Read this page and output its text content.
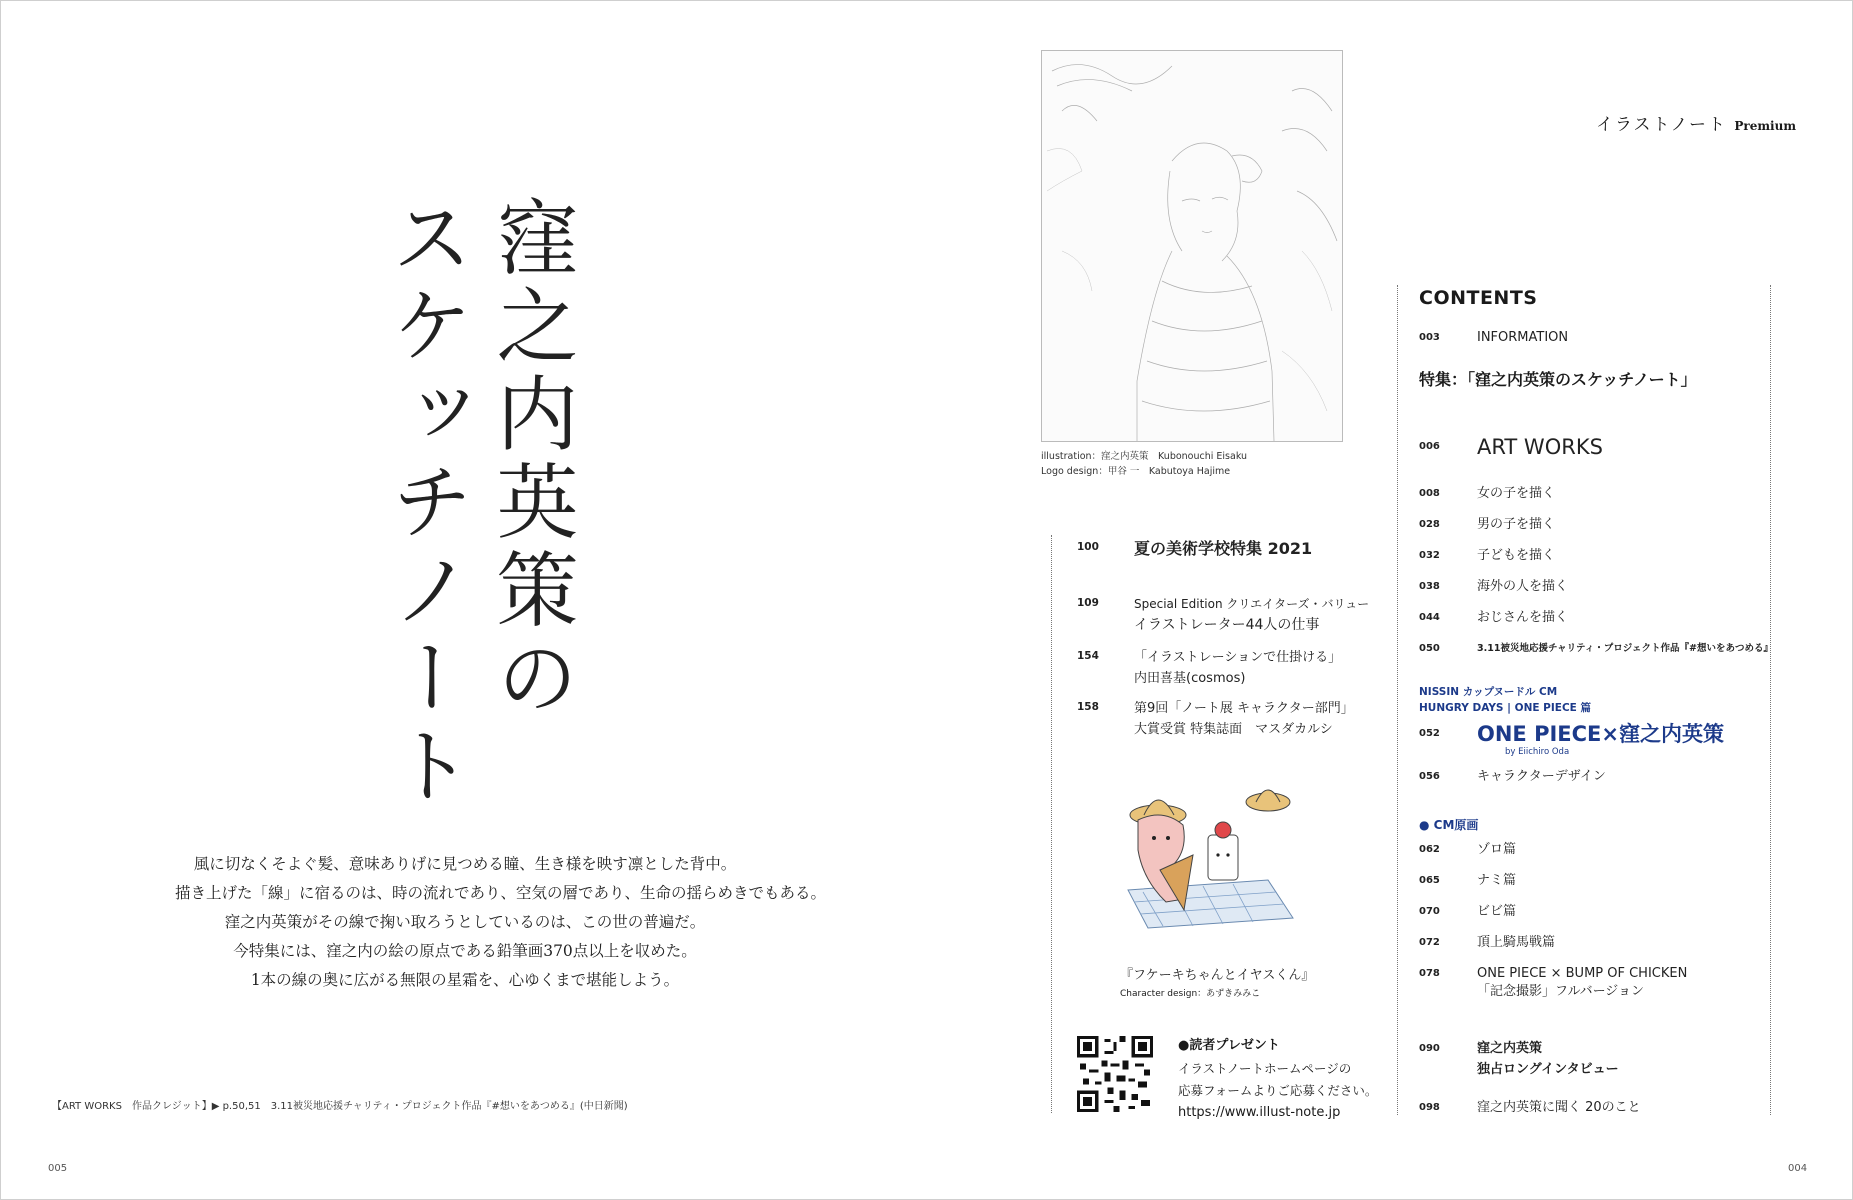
窪之内英策の
スケッチノート
風に切なくそよぐ髪、意味ありげに見つめる瞳、生き様を映す凛とした背中。
描き上げた「線」に宿るのは、時の流れであり、空気の層であり、生命の揺らめきでもある。
窪之内英策がその線で掬い取ろうとしているのは、この世の普遍だ。
今特集には、窪之内の絵の原点である鉛筆画370点以上を収めた。
1本の線の奥に広がる無限の星霜を、心ゆくまで堪能しよう。
【ART WORKS　作品クレジット】▶ p.50,51　3.11被災地応援チャリティ・プロジェクト作品『#想いをあつめる』(中日新聞)
005
illustration：窪之内英策　Kubonouchi Eisaku
Logo design：甲谷 一　Kabutoya Hajime
100 夏の美術学校特集 2021
109	Special Edition クリエイターズ・バリュー
イラストレーター44人の仕事
154	「イラストレーションで仕掛ける」
内田喜基(cosmos)
158	第9回「ノート展 キャラクター部門」
大賞受賞 特集誌面　マスダカルシ
『フケーキちゃんとイヤスくん』
Character design：あずきみみこ
●読者プレゼント
イラストノートホームページの
応募フォームよりご応募ください。
https://www.illust-note.jp
イラストノート Premium
CONTENTS
003	INFORMATION
特集：「窪之内英策のスケッチノート」
006 ART WORKS
008	女の子を描く
028	男の子を描く
032	子どもを描く
038	海外の人を描く
044	おじさんを描く
050	3.11被災地応援チャリティ・プロジェクト作品『#想いをあつめる』
NISSIN カップヌードル CM
HUNGRY DAYS | ONE PIECE 篇
052 ONE PIECE×窪之内英策
by Eiichiro Oda
056	キャラクターデザイン
● CM原画
062	ゾロ篇
065	ナミ篇
070	ビビ篇
072	頂上騎馬戦篇
078	ONE PIECE × BUMP OF CHICKEN
「記念撮影」フルバージョン
090	窪之内英策
独占ロングインタビュー
098	窪之内英策に聞く 20のこと
004
